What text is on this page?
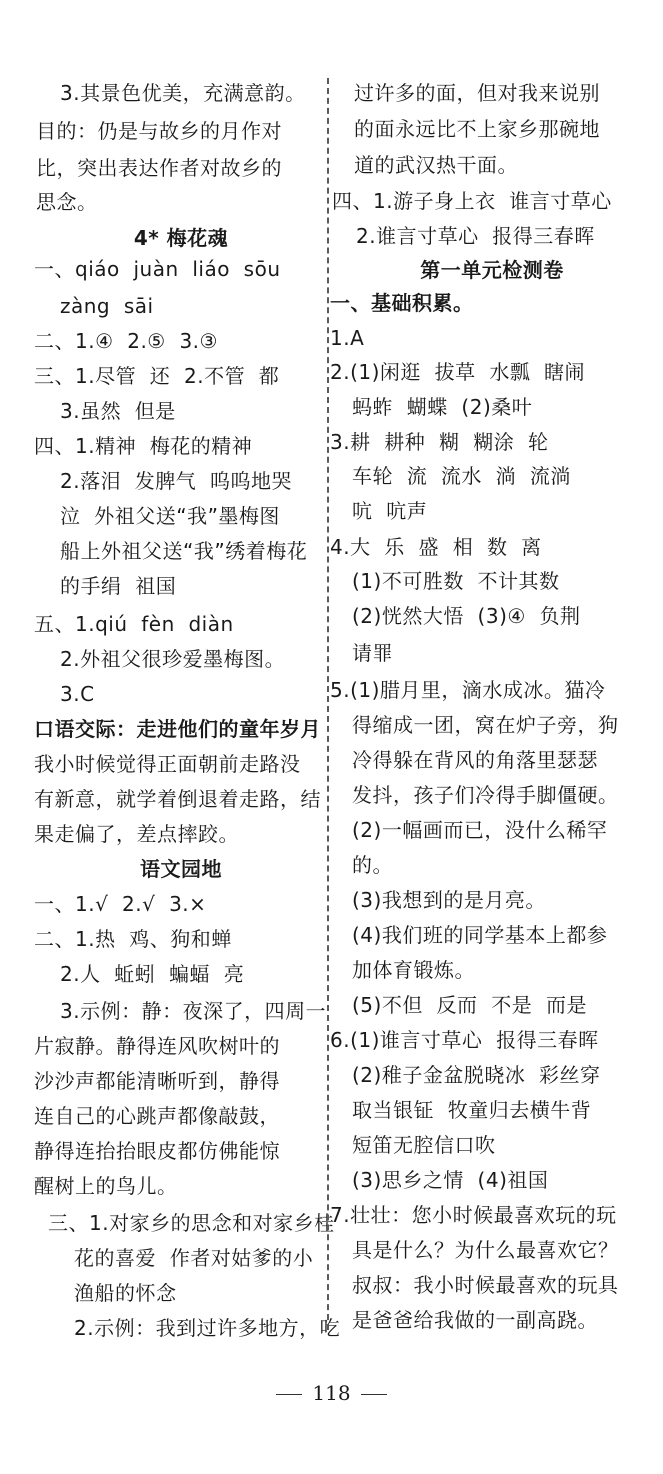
3.其景色优美，充满意韵。
目的：仍是与故乡的月作对
比，突出表达作者对故乡的
思念。
4* 梅花魂
一、qiáo  juàn  liáo  sōu
zàng  sāi
二、1.④  2.⑤  3.③
三、1.尽管  还  2.不管  都
3.虽然  但是
四、1.精神  梅花的精神
2.落泪  发脾气  呜呜地哭
泣  外祖父送“我”墨梅图
船上外祖父送“我”绣着梅花
的手绢  祖国
五、1.qiú  fèn  diàn
2.外祖父很珍爱墨梅图。
3.C
口语交际：走进他们的童年岁月
我小时候觉得正面朝前走路没
有新意，就学着倒退着走路，结
果走偏了，差点摔跤。
语文园地
一、1.√  2.√  3.×
二、1.热  鸡、狗和蝉
2.人  蚯蚓  蝙蝠  亮
3.示例：静：夜深了，四周一
片寂静。静得连风吹树叶的
沙沙声都能清晰听到，静得
连自己的心跳声都像敲鼓，
静得连抬抬眼皮都仿佛能惊
醒树上的鸟儿。
三、1.对家乡的思念和对家乡桂
花的喜爱  作者对姑爹的小
渔船的怀念
2.示例：我到过许多地方，吃
过许多的面，但对我来说别
的面永远比不上家乡那碗地
道的武汉热干面。
四、1.游子身上衣  谁言寸草心
2.谁言寸草心  报得三春晖
第一单元检测卷
一、基础积累。
1.A
2.(1)闲逛  拔草  水瓢  瞎闹
蚂蚱  蝴蝶  (2)桑叶
3.耕  耕种  糊  糊涂  轮
车轮  流  流水  淌  流淌
吭  吭声
4.大  乐  盛  相  数  离
(1)不可胜数  不计其数
(2)恍然大悟  (3)④  负荆
请罪
5.(1)腊月里，滴水成冰。猫冷
得缩成一团，窝在炉子旁，狗
冷得躲在背风的角落里瑟瑟
发抖，孩子们冷得手脚僵硬。
(2)一幅画而已，没什么稀罕
的。
(3)我想到的是月亮。
(4)我们班的同学基本上都参
加体育锻炼。
(5)不但  反而  不是  而是
6.(1)谁言寸草心  报得三春晖
(2)稚子金盆脱晓冰  彩丝穿
取当银钲  牧童归去横牛背
短笛无腔信口吹
(3)思乡之情  (4)祖国
7.壮壮：您小时候最喜欢玩的玩
具是什么？为什么最喜欢它？
叔叔：我小时候最喜欢的玩具
是爸爸给我做的一副高跷。
118
